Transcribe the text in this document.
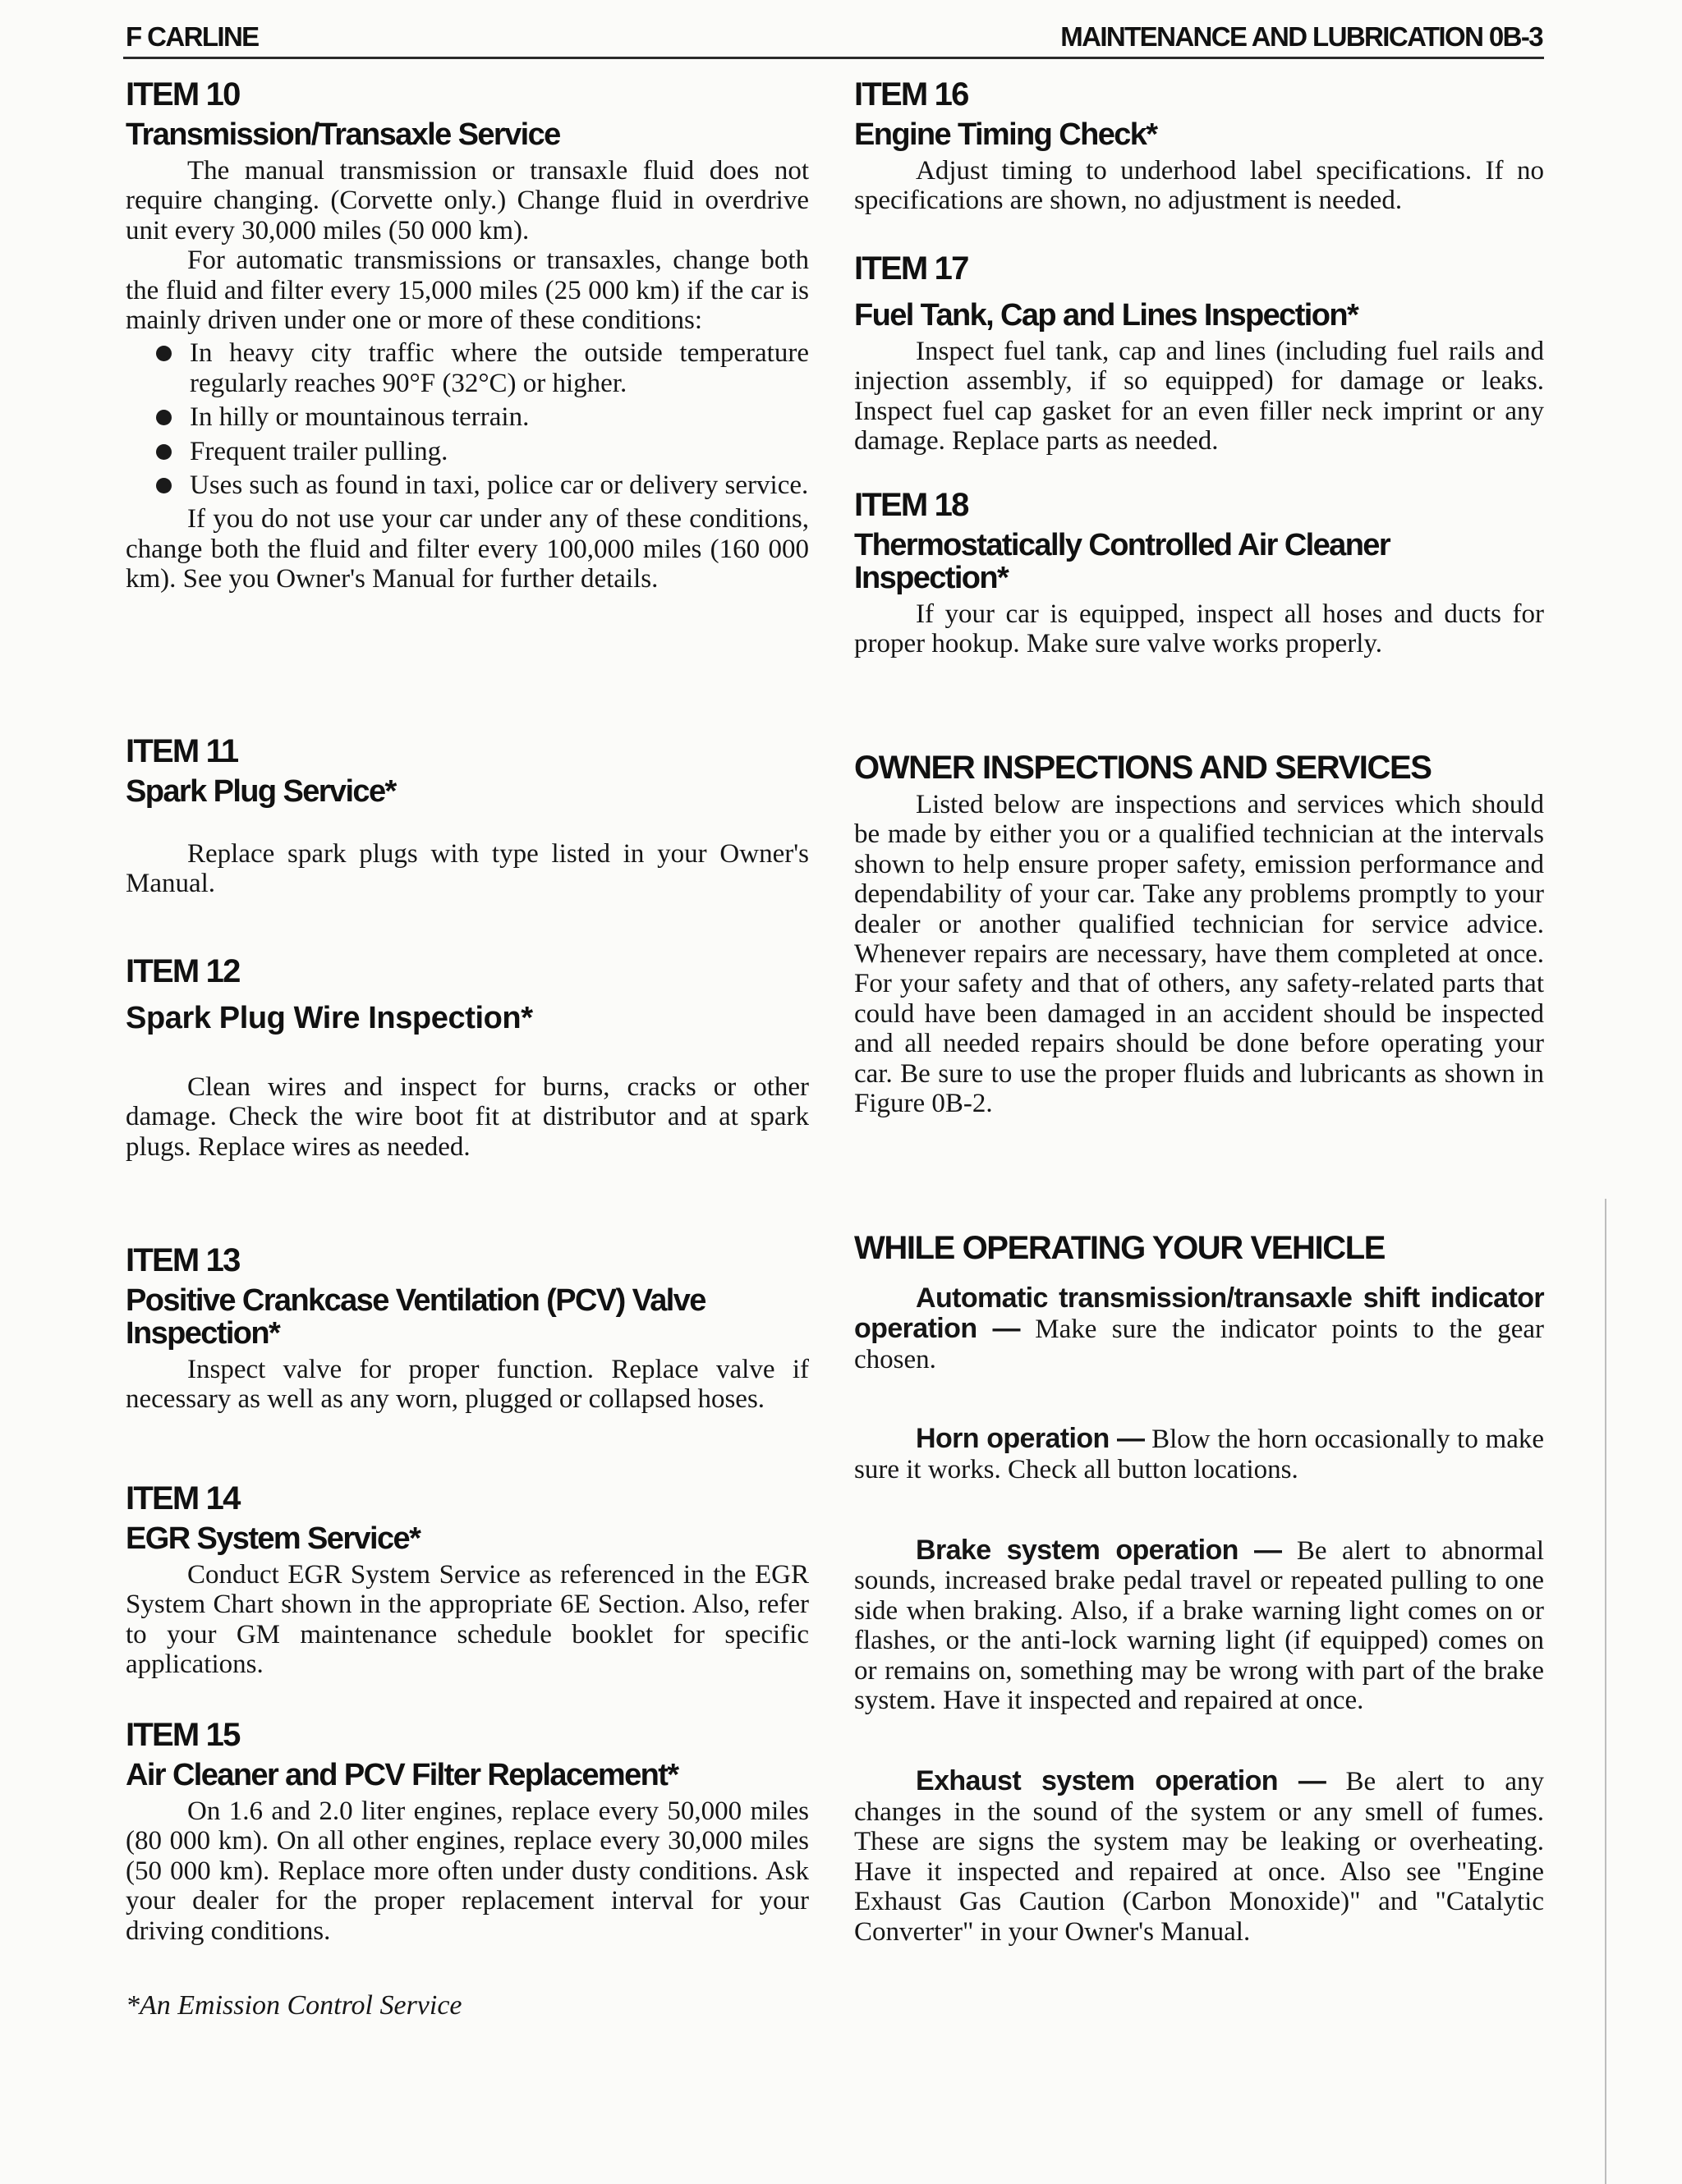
F CARLINE	MAINTENANCE AND LUBRICATION 0B-3
ITEM 10
Transmission/Transaxle Service

The manual transmission or transaxle fluid does not require changing. (Corvette only.) Change fluid in overdrive unit every 30,000 miles (50 000 km).

For automatic transmissions or transaxles, change both the fluid and filter every 15,000 miles (25 000 km) if the car is mainly driven under one or more of these conditions:

In heavy city traffic where the outside temperature regularly reaches 90°F (32°C) or higher.
In hilly or mountainous terrain.
Frequent trailer pulling.
Uses such as found in taxi, police car or delivery service.

If you do not use your car under any of these conditions, change both the fluid and filter every 100,000 miles (160 000 km). See you Owner's Manual for further details.

ITEM 11
Spark Plug Service*

Replace spark plugs with type listed in your Owner's Manual.

ITEM 12
Spark Plug Wire Inspection*

Clean wires and inspect for burns, cracks or other damage. Check the wire boot fit at distributor and at spark plugs. Replace wires as needed.

ITEM 13
Positive Crankcase Ventilation (PCV) Valve Inspection*

Inspect valve for proper function. Replace valve if necessary as well as any worn, plugged or collapsed hoses.

ITEM 14
EGR System Service*

Conduct EGR System Service as referenced in the EGR System Chart shown in the appropriate 6E Section. Also, refer to your GM maintenance schedule booklet for specific applications.

ITEM 15
Air Cleaner and PCV Filter Replacement*

On 1.6 and 2.0 liter engines, replace every 50,000 miles (80 000 km). On all other engines, replace every 30,000 miles (50 000 km). Replace more often under dusty conditions. Ask your dealer for the proper replacement interval for your driving conditions.

*An Emission Control Service
ITEM 16
Engine Timing Check*

Adjust timing to underhood label specifications. If no specifications are shown, no adjustment is needed.

ITEM 17
Fuel Tank, Cap and Lines Inspection*

Inspect fuel tank, cap and lines (including fuel rails and injection assembly, if so equipped) for damage or leaks. Inspect fuel cap gasket for an even filler neck imprint or any damage. Replace parts as needed.

ITEM 18
Thermostatically Controlled Air Cleaner Inspection*

If your car is equipped, inspect all hoses and ducts for proper hookup. Make sure valve works properly.

OWNER INSPECTIONS AND SERVICES

Listed below are inspections and services which should be made by either you or a qualified technician at the intervals shown to help ensure proper safety, emission performance and dependability of your car. Take any problems promptly to your dealer or another qualified technician for service advice. Whenever repairs are necessary, have them completed at once. For your safety and that of others, any safety-related parts that could have been damaged in an accident should be inspected and all needed repairs should be done before operating your car. Be sure to use the proper fluids and lubricants as shown in Figure 0B-2.

WHILE OPERATING YOUR VEHICLE

Automatic transmission/transaxle shift indicator operation — Make sure the indicator points to the gear chosen.

Horn operation — Blow the horn occasionally to make sure it works. Check all button locations.

Brake system operation — Be alert to abnormal sounds, increased brake pedal travel or repeated pulling to one side when braking. Also, if a brake warning light comes on or flashes, or the anti-lock warning light (if equipped) comes on or remains on, something may be wrong with part of the brake system. Have it inspected and repaired at once.

Exhaust system operation — Be alert to any changes in the sound of the system or any smell of fumes. These are signs the system may be leaking or overheating. Have it inspected and repaired at once. Also see "Engine Exhaust Gas Caution (Carbon Monoxide)" and "Catalytic Converter" in your Owner's Manual.
